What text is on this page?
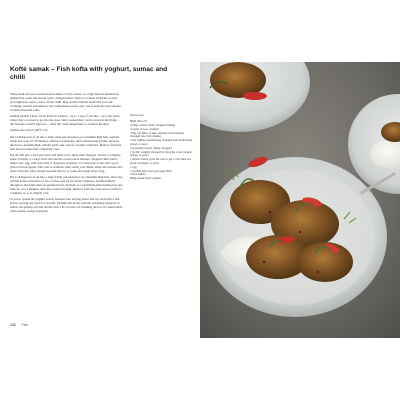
Koftė samak – Fish kofta with yoghurt, sumac and chilli

These fresh and spice-packed koftas make a lovely starter, or a light meal in themselves, pushed into a pita and served with a chopped salad. They're a winner with kids as well: you might just want to leave off the chilli. Play around with the herbs that you add: coriander, parsley and mint for any combination works well, and to keep the total amount of herbs about the same.

Adding labneh: These can be made in advance – up to a day, if you like – up to the point where they are about to go into the oven. Once cooked they can be stored in the fridge – the flavours actually improve – when left room temperature or warmed through.

Preheat the oven to 200°C fan.

Put 3 tablespoons of oil into a large sauté pan and place on a medium-high heat. Add the onion and cook for 10 minutes, stirring occasionally, until softened and golden. Increase the heat to medium-high, add the garlic and cook for another 2 minutes. Remove from the heat and set aside until completely cool.

Put the fish into a food processor and pulse a few times until chopped, but not a complete paste. Transfer to a large bowl and add the cooled onion mixture, chopped chilli, herbs, lemon zest, egg, chili spice mix, 2 teaspoons of sumac, 1¼ teaspoons of salt and a good grind of black pepper. Mix well to combine, then, using your hands, shape the mixture into about 18 koftas (they should look like they're to come and weigh about 45g).

Put 2 tablespoons of oil into a large frying pan and place on a medium-high heat. Once hot, add the koftas in batches of two or three and fry for about 3 minutes, turning halfway through so that both sides are golden brown. Transfer to a parchment-lined baking tray and bake for 4 to 5 minutes, until just cooked through. Remove from the oven and set aside for 5 minutes or so to slightly cool.

To serve, spread the yoghurt evenly between four serving plates and top each with 4 fish koftas, serving any extra for seconds. Sprinkle the koftas with the remaining teaspoon of sumac, the parsley, lift and drizzle with 1 tbs of olive oil, finishing the top of a small pinch, with a lemon wedge alongside.

Serves four
80ml olive oil
2 large onions, finely chopped (240g)
4 garlic cloves, crushed
750g cod fillet or skin, skinless and boneless, chopped into 3cm chunks
2 red chillies, seeds finely chopped and seeds finely sliced, to serve
15g parsley leaves, finely chopped
15g dill, roughly chopped (2 tbs) plus a few picked leaves, to serve
1 lemon: finely grate the zest to get 1 tbsp then cut in/on 4 wedges, to serve
1 egg
2 tsp fish spice mix (see page 000)
3 tbsp sumac
600g Greek-style yoghurt
142 Fish
